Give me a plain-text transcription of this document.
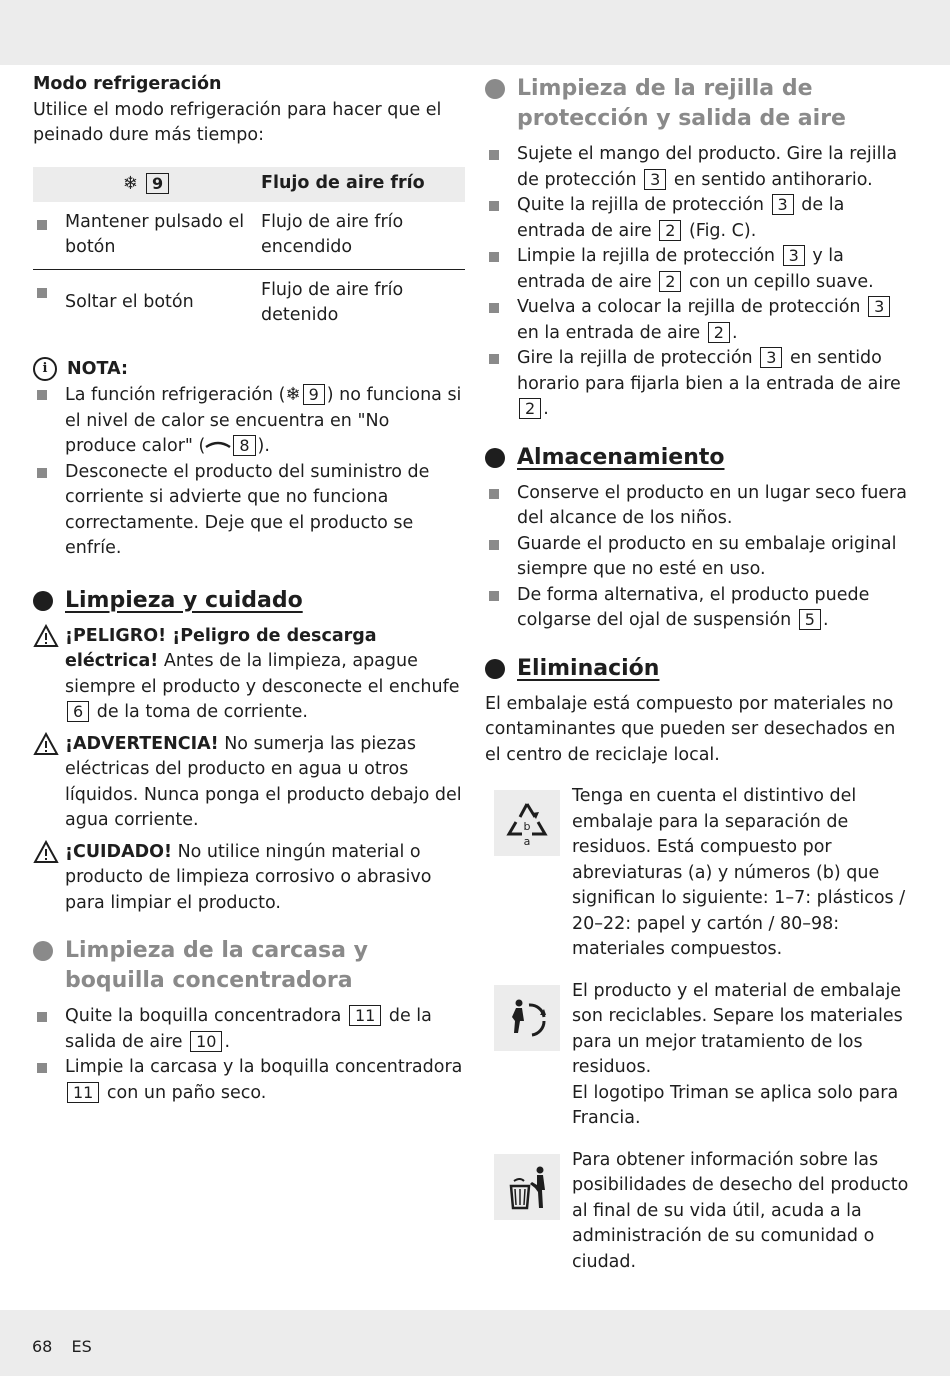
Modo refrigeración

Utilice el modo refrigeración para hacer que el peinado dure más tiempo:

❄ 9	Flujo de aire frío

Mantener pulsado el botón	Flujo de aire frío encendido

Soltar el botón	Flujo de aire frío detenido
i	NOTA:
La función refrigeración (❄ 9 ) no funciona si el nivel de calor se encuentra en "No produce calor" ( 8 ).
Desconecte el producto del suministro de corriente si advierte que no funciona correctamente. Deje que el producto se enfríe.
Limpieza y cuidado
¡PELIGRO! ¡Peligro de descarga eléctrica! Antes de la limpieza, apague siempre el producto y desconecte el enchufe 6 de la toma de corriente.
¡ADVERTENCIA! No sumerja las piezas eléctricas del producto en agua u otros líquidos. Nunca ponga el producto debajo del agua corriente.
¡CUIDADO! No utilice ningún material o producto de limpieza corrosivo o abrasivo para limpiar el producto.
Limpieza de la carcasa y boquilla concentradora
Quite la boquilla concentradora 11 de la salida de aire 10 .
Limpie la carcasa y la boquilla concentradora 11 con un paño seco.
Limpieza de la rejilla de protección y salida de aire
Sujete el mango del producto. Gire la rejilla de protección 3 en sentido antihorario.
Quite la rejilla de protección 3 de la entrada de aire 2 (Fig. C).
Limpie la rejilla de protección 3 y la entrada de aire 2 con un cepillo suave.
Vuelva a colocar la rejilla de protección 3 en la entrada de aire 2 .
Gire la rejilla de protección 3 en sentido horario para fijarla bien a la entrada de aire 2 .
Almacenamiento
Conserve el producto en un lugar seco fuera del alcance de los niños.
Guarde el producto en su embalaje original siempre que no esté en uso.
De forma alternativa, el producto puede colgarse del ojal de suspensión 5 .
Eliminación

El embalaje está compuesto por materiales no contaminantes que pueden ser desechados en el centro de reciclaje local.

b
a

Tenga en cuenta el distintivo del embalaje para la separación de residuos. Está compuesto por abreviaturas (a) y números (b) que significan lo siguiente: 1–7: plásticos / 20–22: papel y cartón / 80–98: materiales compuestos.

El producto y el material de embalaje son reciclables. Separe los materiales para un mejor tratamiento de los residuos.

El logotipo Triman se aplica solo para Francia.

Para obtener información sobre las posibilidades de desecho del producto al final de su vida útil, acuda a la administración de su comunidad o ciudad.

68 ES
